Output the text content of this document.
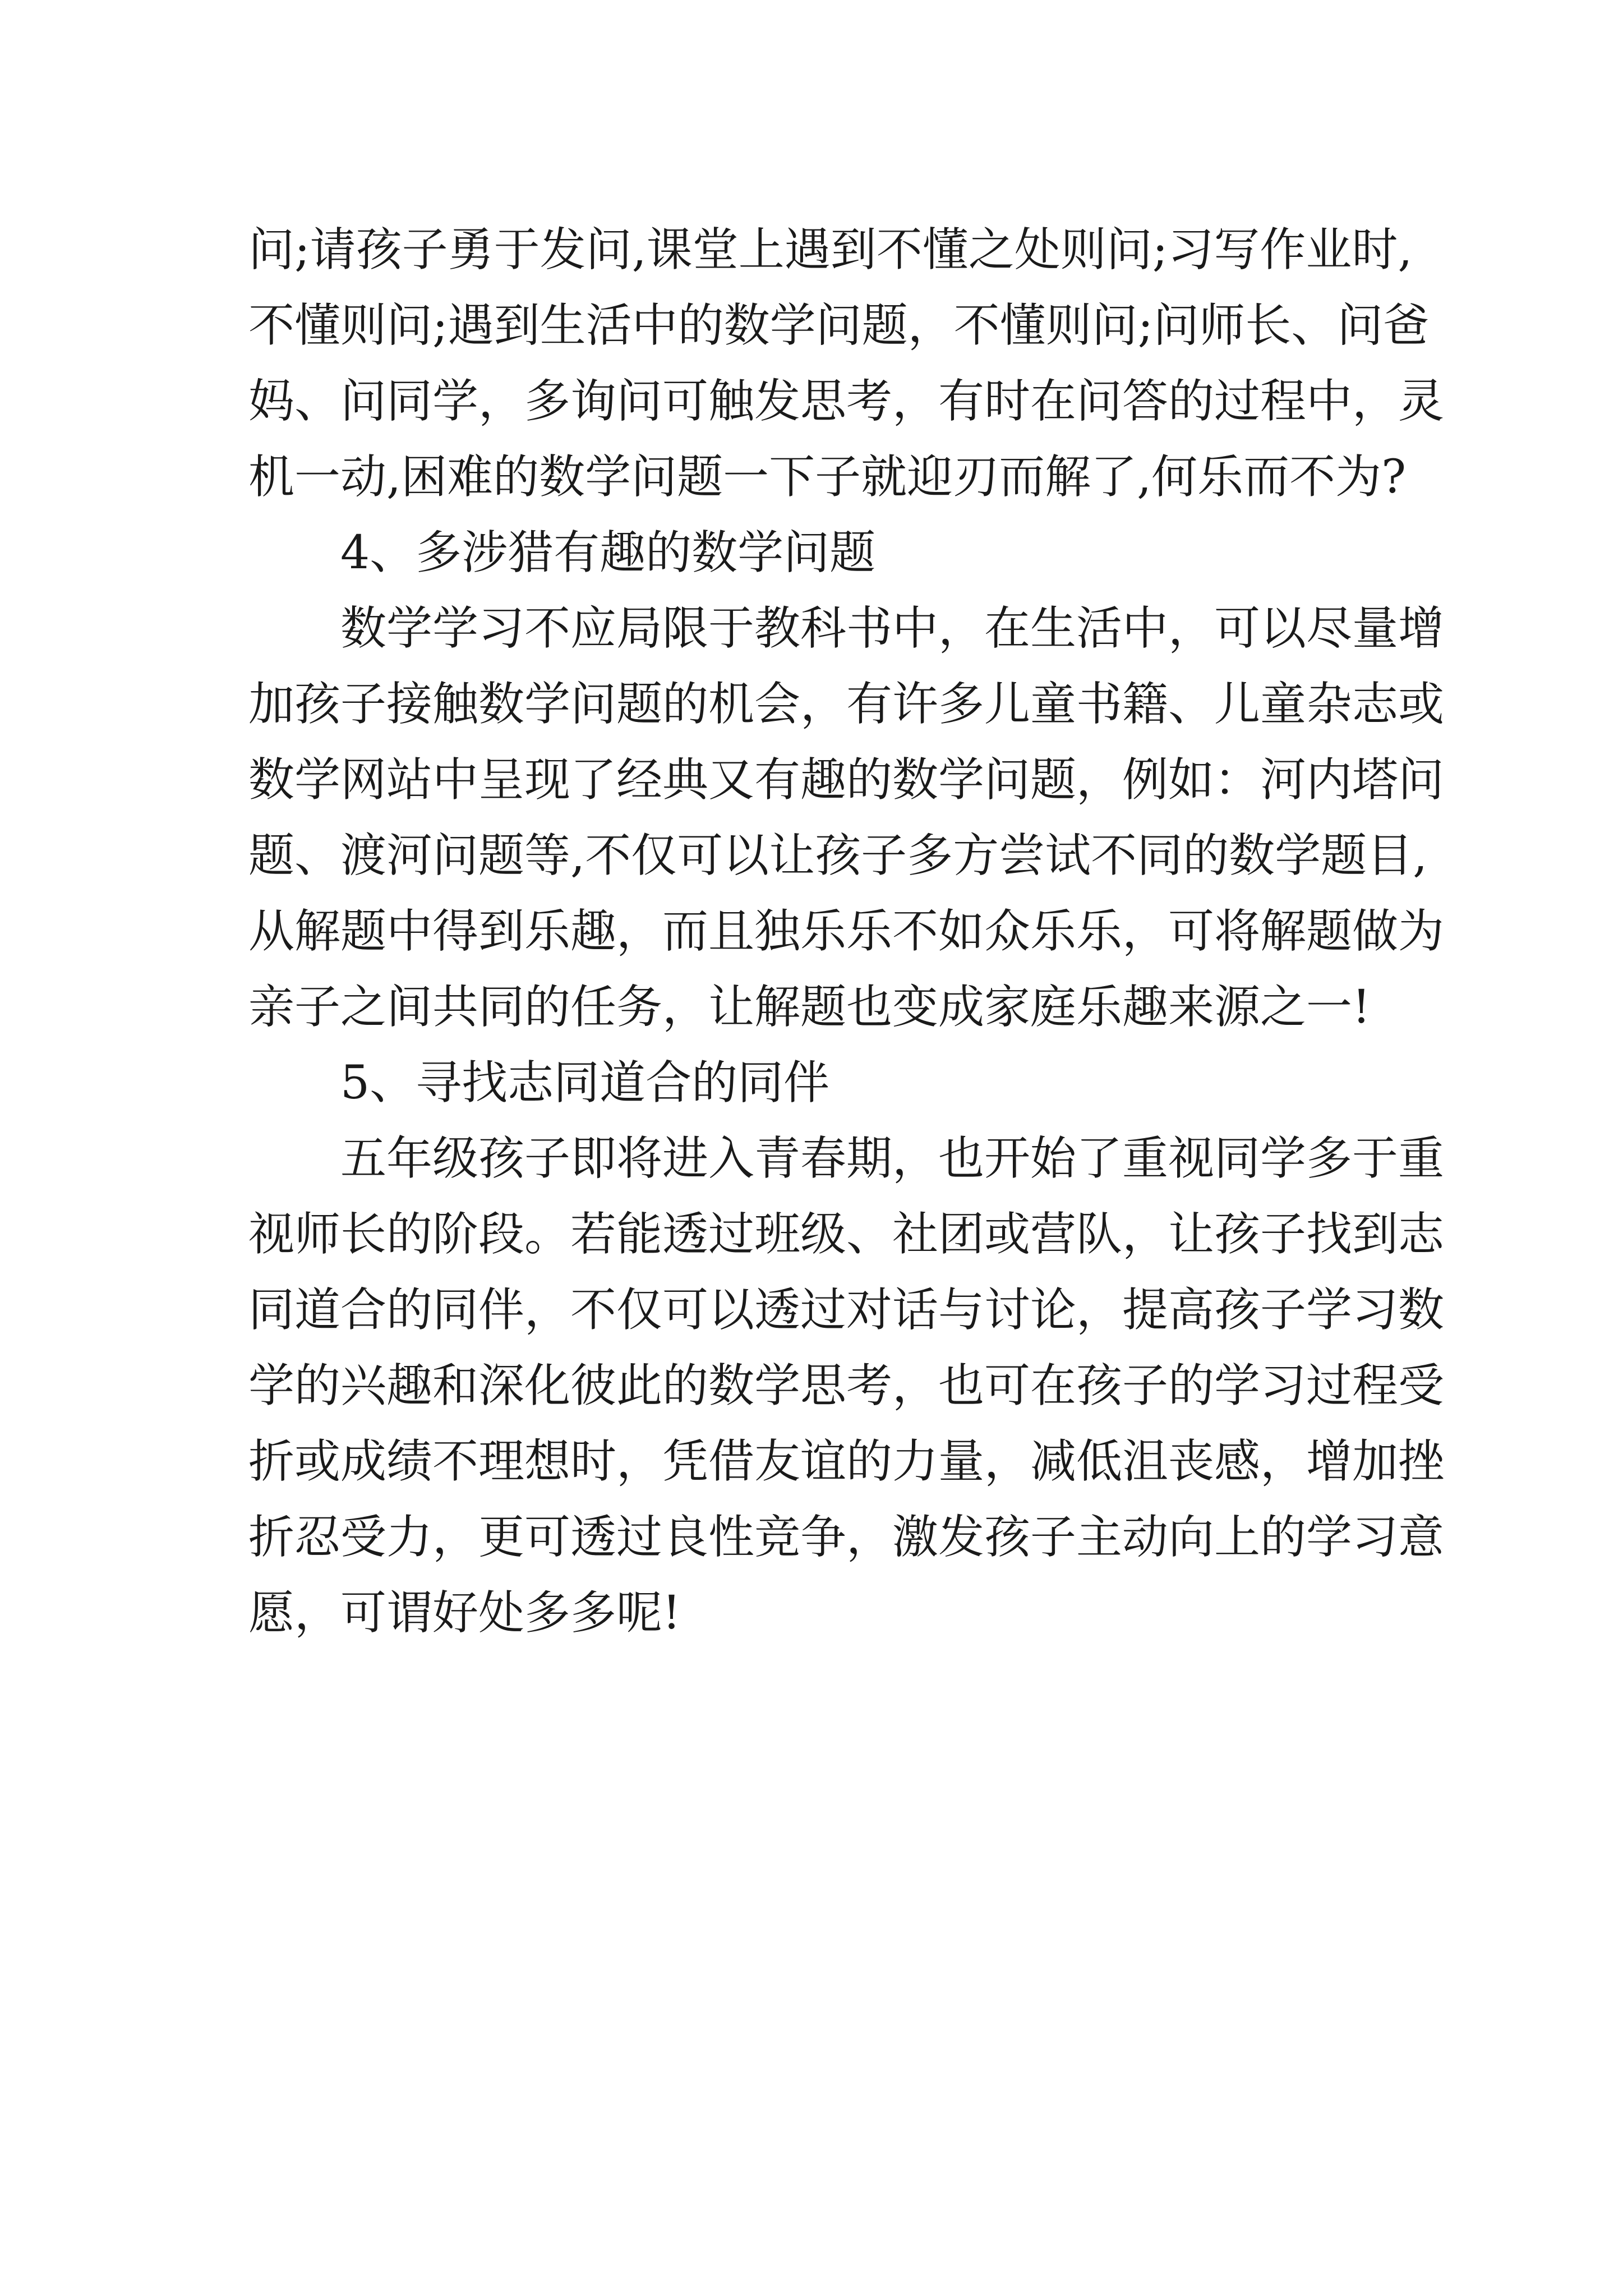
问;请孩子勇于发问,课堂上遇到不懂之处则问;习写作业时,
不懂则问;遇到生活中的数学问题，不懂则问;问师长、问爸
妈、问同学，多询问可触发思考，有时在问答的过程中，灵
机一动,困难的数学问题一下子就迎刃而解了,何乐而不为?
4、多涉猎有趣的数学问题
数学学习不应局限于教科书中，在生活中，可以尽量增
加孩子接触数学问题的机会，有许多儿童书籍、儿童杂志或
数学网站中呈现了经典又有趣的数学问题，例如：河内塔问
题、渡河问题等,不仅可以让孩子多方尝试不同的数学题目,
从解题中得到乐趣，而且独乐乐不如众乐乐，可将解题做为
亲子之间共同的任务，让解题也变成家庭乐趣来源之一!
5、寻找志同道合的同伴
五年级孩子即将进入青春期，也开始了重视同学多于重
视师长的阶段。若能透过班级、社团或营队，让孩子找到志
同道合的同伴，不仅可以透过对话与讨论，提高孩子学习数
学的兴趣和深化彼此的数学思考，也可在孩子的学习过程受
折或成绩不理想时，凭借友谊的力量，减低沮丧感，增加挫
折忍受力，更可透过良性竞争，激发孩子主动向上的学习意
愿，可谓好处多多呢!
